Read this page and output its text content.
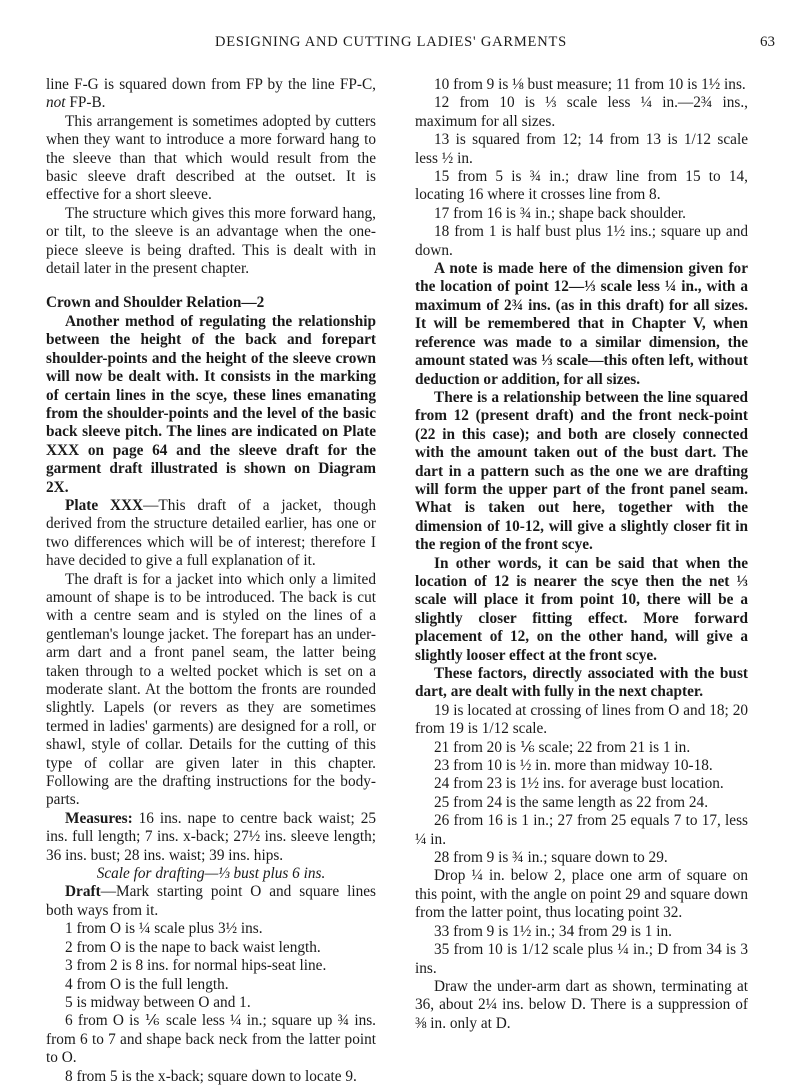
DESIGNING AND CUTTING LADIES' GARMENTS	63

line F-G is squared down from FP by the line FP-C, not FP-B.

This arrangement is sometimes adopted by cutters when they want to introduce a more forward hang to the sleeve than that which would result from the basic sleeve draft described at the outset. It is effective for a short sleeve.

The structure which gives this more forward hang, or tilt, to the sleeve is an advantage when the one-piece sleeve is being drafted. This is dealt with in detail later in the present chapter.

Crown and Shoulder Relation—2

Another method of regulating the relationship between the height of the back and forepart shoulder-points and the height of the sleeve crown will now be dealt with. It consists in the marking of certain lines in the scye, these lines emanating from the shoulder-points and the level of the basic back sleeve pitch. The lines are indicated on Plate XXX on page 64 and the sleeve draft for the garment draft illustrated is shown on Diagram 2X.

Plate XXX—This draft of a jacket, though derived from the structure detailed earlier, has one or two differences which will be of interest; therefore I have decided to give a full explanation of it.

The draft is for a jacket into which only a limited amount of shape is to be introduced. The back is cut with a centre seam and is styled on the lines of a gentleman's lounge jacket. The forepart has an under-arm dart and a front panel seam, the latter being taken through to a welted pocket which is set on a moderate slant. At the bottom the fronts are rounded slightly. Lapels (or revers as they are sometimes termed in ladies' garments) are designed for a roll, or shawl, style of collar. Details for the cutting of this type of collar are given later in this chapter. Following are the drafting instructions for the body-parts.

Measures: 16 ins. nape to centre back waist; 25 ins. full length; 7 ins. x-back; 27½ ins. sleeve length; 36 ins. bust; 28 ins. waist; 39 ins. hips.

Scale for drafting—⅓ bust plus 6 ins.

Draft—Mark starting point O and square lines both ways from it.

1 from O is ¼ scale plus 3½ ins.

2 from O is the nape to back waist length.

3 from 2 is 8 ins. for normal hips-seat line.

4 from O is the full length.

5 is midway between O and 1.

6 from O is ⅙ scale less ¼ in.; square up ¾ ins. from 6 to 7 and shape back neck from the latter point to O.

8 from 5 is the x-back; square down to locate 9.

10 from 9 is ⅛ bust measure; 11 from 10 is 1½ ins.

12 from 10 is ⅓ scale less ¼ in.—2¾ ins., maximum for all sizes.

13 is squared from 12; 14 from 13 is 1/12 scale less ½ in.

15 from 5 is ¾ in.; draw line from 15 to 14, locating 16 where it crosses line from 8.

17 from 16 is ¾ in.; shape back shoulder.

18 from 1 is half bust plus 1½ ins.; square up and down.

A note is made here of the dimension given for the location of point 12—⅓ scale less ¼ in., with a maximum of 2¾ ins. (as in this draft) for all sizes. It will be remembered that in Chapter V, when reference was made to a similar dimension, the amount stated was ⅓ scale—this often left, without deduction or addition, for all sizes.

There is a relationship between the line squared from 12 (present draft) and the front neck-point (22 in this case); and both are closely connected with the amount taken out of the bust dart. The dart in a pattern such as the one we are drafting will form the upper part of the front panel seam. What is taken out here, together with the dimension of 10-12, will give a slightly closer fit in the region of the front scye.

In other words, it can be said that when the location of 12 is nearer the scye then the net ⅓ scale will place it from point 10, there will be a slightly closer fitting effect. More forward placement of 12, on the other hand, will give a slightly looser effect at the front scye.

These factors, directly associated with the bust dart, are dealt with fully in the next chapter.

19 is located at crossing of lines from O and 18; 20 from 19 is 1/12 scale.

21 from 20 is ⅙ scale; 22 from 21 is 1 in.

23 from 10 is ½ in. more than midway 10-18.

24 from 23 is 1½ ins. for average bust location.

25 from 24 is the same length as 22 from 24.

26 from 16 is 1 in.; 27 from 25 equals 7 to 17, less ¼ in.

28 from 9 is ¾ in.; square down to 29.

Drop ¼ in. below 2, place one arm of square on this point, with the angle on point 29 and square down from the latter point, thus locating point 32.

33 from 9 is 1½ in.; 34 from 29 is 1 in.

35 from 10 is 1/12 scale plus ¼ in.; D from 34 is 3 ins.

Draw the under-arm dart as shown, terminating at 36, about 2¼ ins. below D. There is a suppression of ⅜ in. only at D.
